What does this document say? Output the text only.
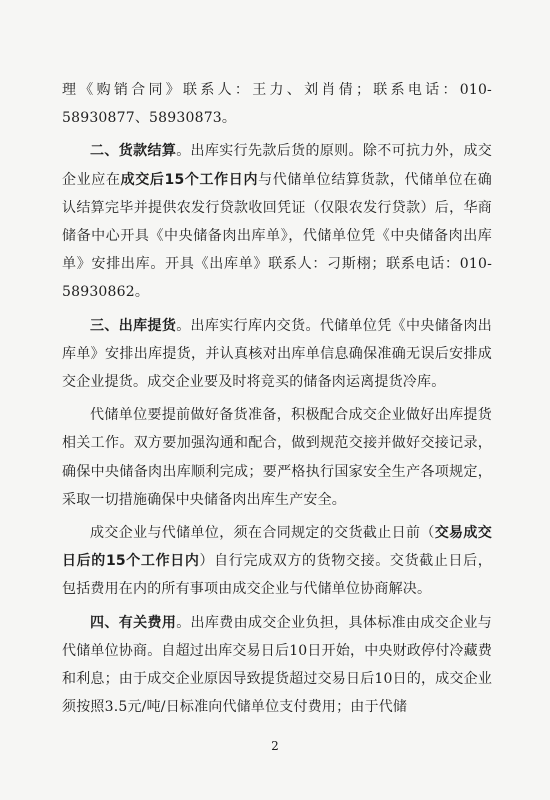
理《购销合同》联系人：王力、刘肖倩；联系电话：010-58930877、58930873。

二、货款结算。出库实行先款后货的原则。除不可抗力外，成交企业应在成交后15个工作日内与代储单位结算货款，代储单位在确认结算完毕并提供农发行贷款收回凭证（仅限农发行贷款）后，华商储备中心开具《中央储备肉出库单》，代储单位凭《中央储备肉出库单》安排出库。开具《出库单》联系人：刁斯栩；联系电话：010-58930862。

三、出库提货。出库实行库内交货。代储单位凭《中央储备肉出库单》安排出库提货，并认真核对出库单信息确保准确无误后安排成交企业提货。成交企业要及时将竞买的储备肉运离提货冷库。

代储单位要提前做好备货准备，积极配合成交企业做好出库提货相关工作。双方要加强沟通和配合，做到规范交接并做好交接记录，确保中央储备肉出库顺利完成；要严格执行国家安全生产各项规定，采取一切措施确保中央储备肉出库生产安全。

成交企业与代储单位，须在合同规定的交货截止日前（交易成交日后的15个工作日内）自行完成双方的货物交接。交货截止日后，包括费用在内的所有事项由成交企业与代储单位协商解决。

四、有关费用。出库费由成交企业负担，具体标准由成交企业与代储单位协商。自超过出库交易日后10日开始，中央财政停付冷藏费和利息；由于成交企业原因导致提货超过交易日后10日的，成交企业须按照3.5元/吨/日标准向代储单位支付费用；由于代储

2
